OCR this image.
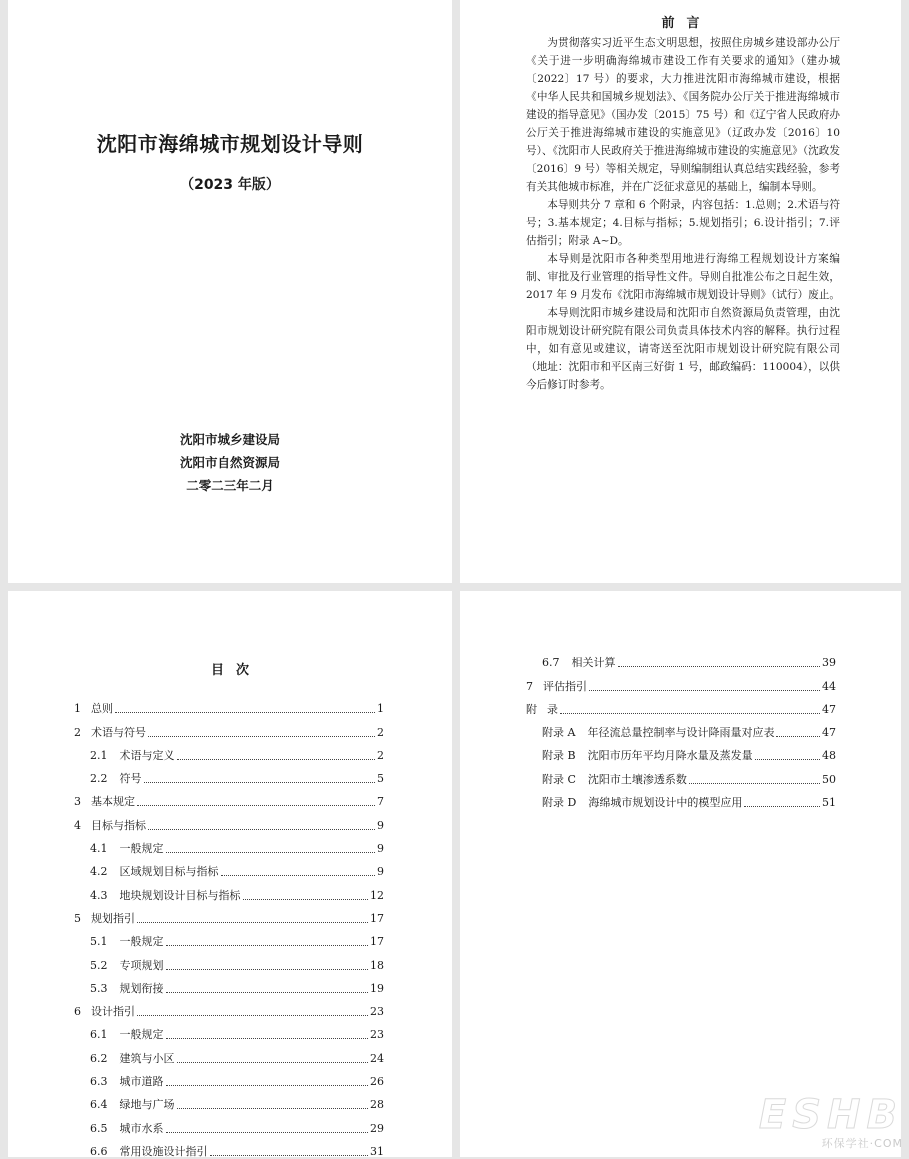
沈阳市海绵城市规划设计导则
（2023 年版）
沈阳市城乡建设局
沈阳市自然资源局
二零二三年二月
前言

为贯彻落实习近平生态文明思想，按照住房城乡建设部办公厅《关于进一步明确海绵城市建设工作有关要求的通知》（建办城〔2022〕17 号）的要求，大力推进沈阳市海绵城市建设，根据《中华人民共和国城乡规划法》、《国务院办公厅关于推进海绵城市建设的指导意见》（国办发〔2015〕75 号）和《辽宁省人民政府办公厅关于推进海绵城市建设的实施意见》（辽政办发〔2016〕10 号）、《沈阳市人民政府关于推进海绵城市建设的实施意见》（沈政发〔2016〕9 号）等相关规定，导则编制组认真总结实践经验，参考有关其他城市标准，并在广泛征求意见的基础上，编制本导则。

本导则共分 7 章和 6 个附录，内容包括：1.总则；2.术语与符号；3.基本规定；4.目标与指标；5.规划指引；6.设计指引；7.评估指引；附录 A~D。

本导则是沈阳市各种类型用地进行海绵工程规划设计方案编制、审批及行业管理的指导性文件。导则自批准公布之日起生效，2017 年 9 月发布《沈阳市海绵城市规划设计导则》（试行）废止。

本导则沈阳市城乡建设局和沈阳市自然资源局负责管理，由沈阳市规划设计研究院有限公司负责具体技术内容的解释。执行过程中，如有意见或建议，请寄送至沈阳市规划设计研究院有限公司（地址：沈阳市和平区南三好街 1 号，邮政编码：110004），以供今后修订时参考。

目次
1 总则	1
2 术语与符号	2
2.1	术语与定义	2
2.2	符号	5
3 基本规定	7
4 目标与指标	9
4.1	一般规定	9
4.2	区域规划目标与指标	9
4.3	地块规划设计目标与指标	12
5 规划指引	17
5.1	一般规定	17
5.2	专项规划	18
5.3	规划衔接	19
6 设计指引	23
6.1	一般规定	23
6.2	建筑与小区	24
6.3	城市道路	26
6.4	绿地与广场	28
6.5	城市水系	29
6.6	常用设施设计指引	31
6.7	相关计算	39
7 评估指引	44
附 录	47
附录 A	年径流总量控制率与设计降雨量对应表	47
附录 B	沈阳市历年平均月降水量及蒸发量	48
附录 C	沈阳市土壤渗透系数	50
附录 D	海绵城市规划设计中的模型应用	51
ESHB
环保学社·COM
